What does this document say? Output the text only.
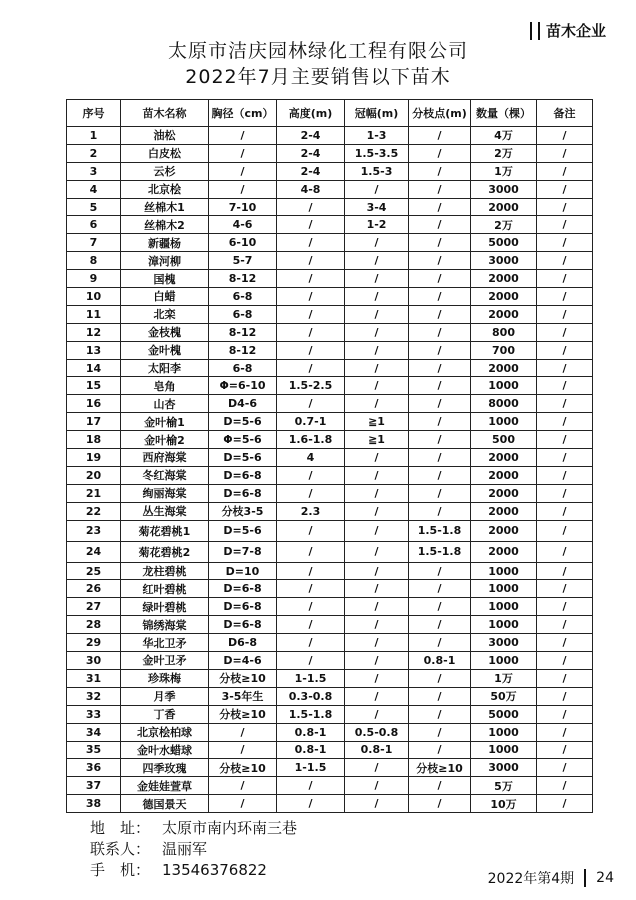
苗木企业
太原市洁庆园林绿化工程有限公司
2022年7月主要销售以下苗木
序号	苗木名称	胸径（cm）	高度(m)	冠幅(m)	分枝点(m)	数量（棵）	备注
1	油松	/	2-4	1-3	/	4万	/
2	白皮松	/	2-4	1.5-3.5	/	2万	/
3	云杉	/	2-4	1.5-3	/	1万	/
4	北京桧	/	4-8	/	/	3000	/
5	丝棉木1	7-10	/	3-4	/	2000	/
6	丝棉木2	4-6	/	1-2	/	2万	/
7	新疆杨	6-10	/	/	/	5000	/
8	漳河柳	5-7	/	/	/	3000	/
9	国槐	8-12	/	/	/	2000	/
10	白蜡	6-8	/	/	/	2000	/
11	北栾	6-8	/	/	/	2000	/
12	金枝槐	8-12	/	/	/	800	/
13	金叶槐	8-12	/	/	/	700	/
14	太阳李	6-8	/	/	/	2000	/
15	皂角	Φ=6-10	1.5-2.5	/	/	1000	/
16	山杏	D4-6	/	/	/	8000	/
17	金叶榆1	D=5-6	0.7-1	≧1	/	1000	/
18	金叶榆2	Φ=5-6	1.6-1.8	≧1	/	500	/
19	西府海棠	D=5-6	4	/	/	2000	/
20	冬红海棠	D=6-8	/	/	/	2000	/
21	绚丽海棠	D=6-8	/	/	/	2000	/
22	丛生海棠	分枝3-5	2.3	/	/	2000	/
23	菊花碧桃1	D=5-6	/	/	1.5-1.8	2000	/
24	菊花碧桃2	D=7-8	/	/	1.5-1.8	2000	/
25	龙柱碧桃	D=10	/	/	/	1000	/
26	红叶碧桃	D=6-8	/	/	/	1000	/
27	绿叶碧桃	D=6-8	/	/	/	1000	/
28	锦绣海棠	D=6-8	/	/	/	1000	/
29	华北卫矛	D6-8	/	/	/	3000	/
30	金叶卫矛	D=4-6	/	/	0.8-1	1000	/
31	珍珠梅	分枝≥10	1-1.5	/	/	1万	/
32	月季	3-5年生	0.3-0.8	/	/	50万	/
33	丁香	分枝≥10	1.5-1.8	/	/	5000	/
34	北京桧柏球	/	0.8-1	0.5-0.8	/	1000	/
35	金叶水蜡球	/	0.8-1	0.8-1	/	1000	/
36	四季玫瑰	分枝≥10	1-1.5	/	分枝≥10	3000	/
37	金娃娃萱草	/	/	/	/	5万	/
38	德国景天	/	/	/	/	10万	/
地　址： 太原市南内环南三巷
联系人： 温丽军
手　机： 13546376822	2022年第4期 24
